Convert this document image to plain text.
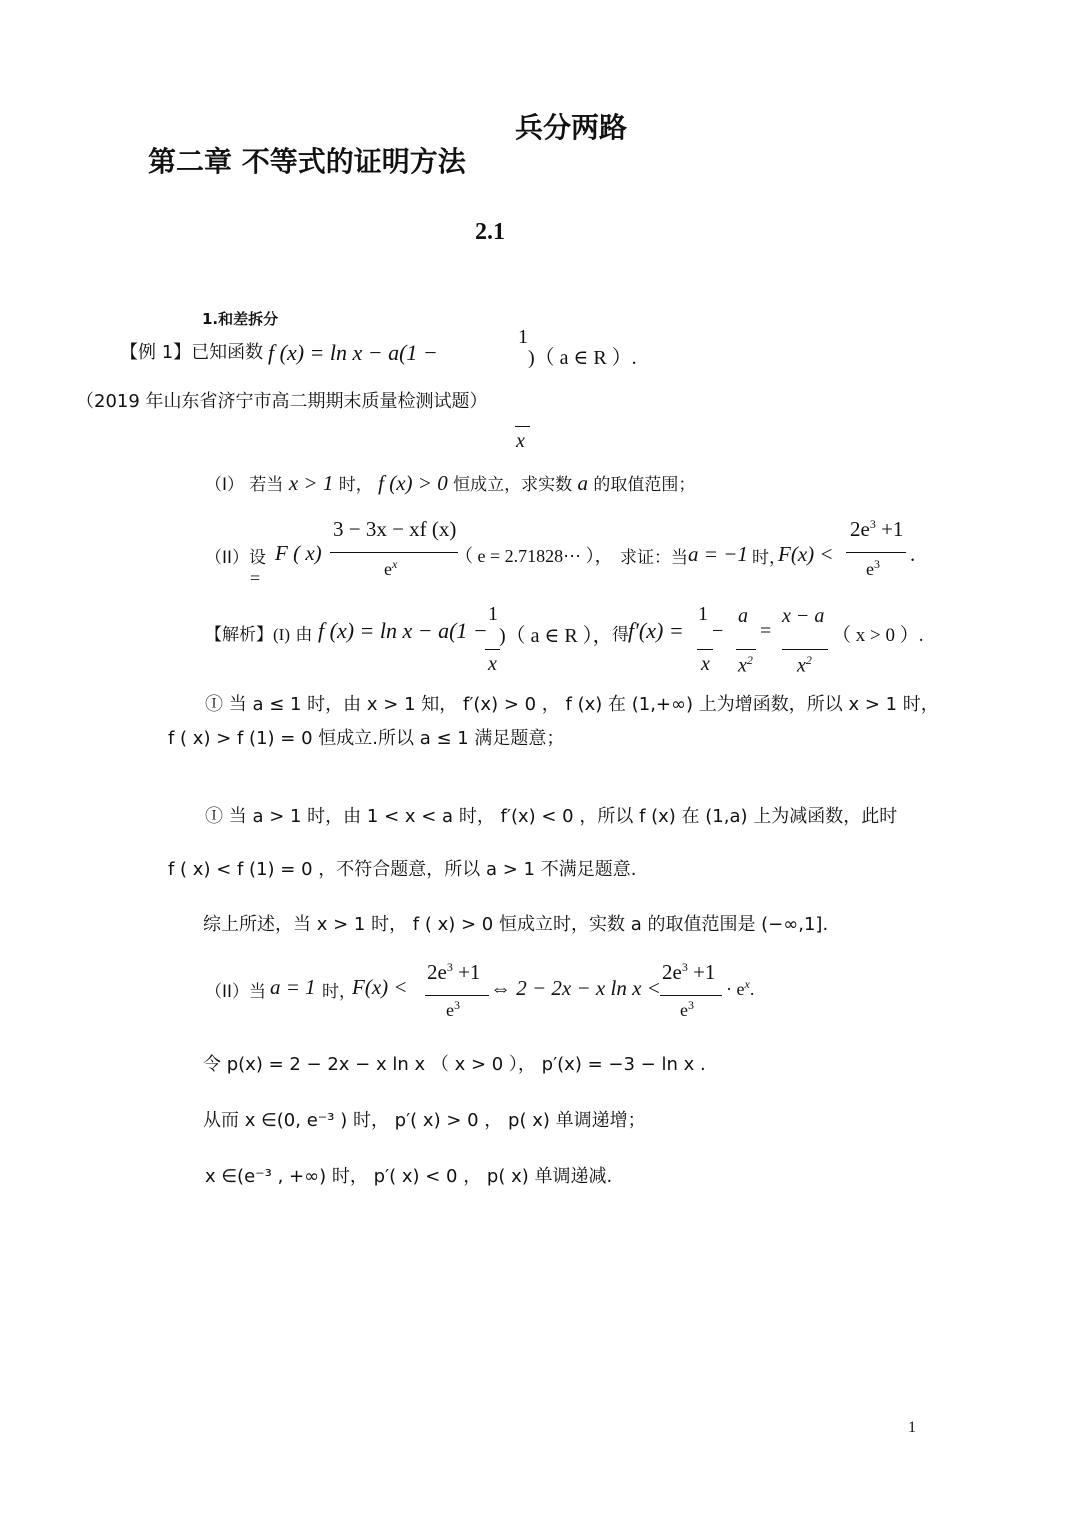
兵分两路
第二章 不等式的证明方法
2.1
1.和差拆分
【例 1】已知函数 f (x) = ln x − a(1 −
1
)（ a ∈ R ）.
（2019 年山东省济宁市高二期期末质量检测试题）
x
（I） 若当 x > 1 时， f (x) > 0 恒成立，求实数 a 的取值范围；
（II）设 F ( x)
=
3 − 3x − xf (x)
$e^x$	（ e = 2.71828⋯ ）， 求证：当 a = −1 时，
F(x) <
$2e^3 +1$
$e^3$ .
【解析】(I) 由 f (x) = ln x − a(1 −
1
x
)（ a ∈ R ）， 得 f′(x) =
1
x
−
a
$x^2$
=
x − a
$x^2$
（ x > 0 ）.
Ⓘ 当 a ≤ 1 时，由 x > 1 知， f′(x) > 0 ， f (x) 在 (1,+∞) 上为增函数，所以 x > 1 时，
f ( x) > f (1) = 0 恒成立.所以 a ≤ 1 满足题意；
Ⓘ 当 a > 1 时，由 1 < x < a 时， f′(x) < 0 ，所以 f (x) 在 (1,a) 上为减函数，此时
f ( x) < f (1) = 0 ，不符合题意，所以 a > 1 不满足题意.
综上所述，当 x > 1 时， f ( x) > 0 恒成立时，实数 a 的取值范围是 (−∞,1].
（II）当 a = 1 时，
F(x) <
$2e^3 +1$
$e^3$
⇔ 2 − 2x − x ln x <
$2e^3 +1$
$e^3$
· $e^x$.
令 p(x) = 2 − 2x − x ln x （ x > 0 ）， p′(x) = −3 − ln x .
从而 x ∈(0, e⁻³ ) 时， p′( x) > 0 ， p( x) 单调递增；
x ∈(e⁻³ , +∞) 时， p′( x) < 0 ， p( x) 单调递减.
1
